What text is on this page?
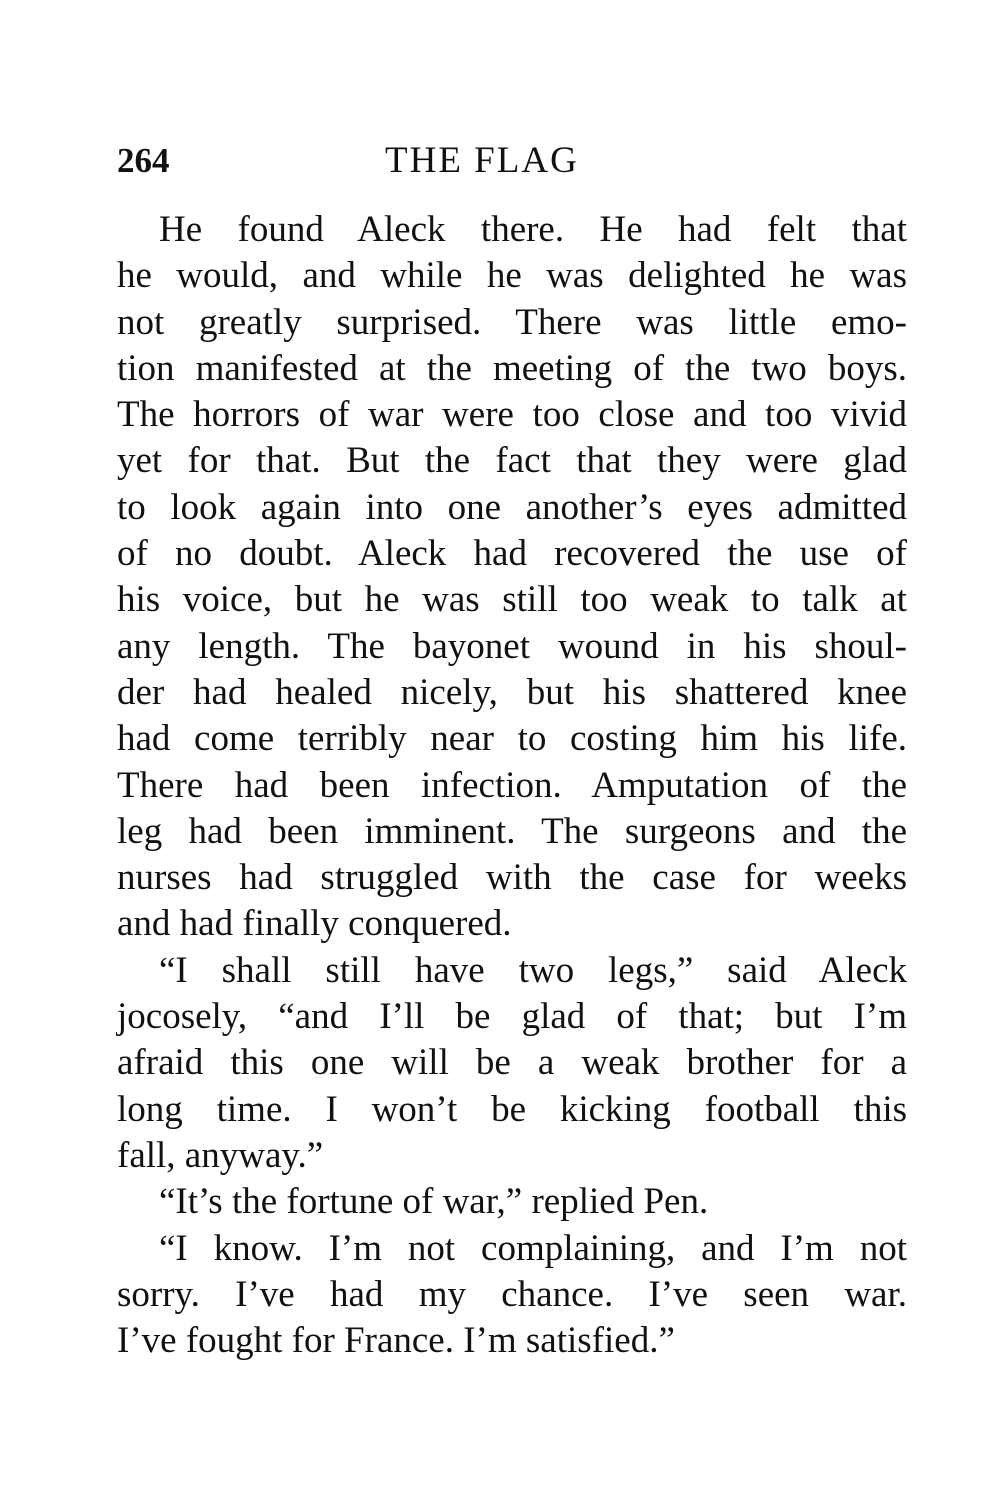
264	THE FLAG
He found Aleck there. He had felt that
he would, and while he was delighted he was
not greatly surprised. There was little emo-
tion manifested at the meeting of the two boys.
The horrors of war were too close and too vivid
yet for that. But the fact that they were glad
to look again into one another’s eyes admitted
of no doubt. Aleck had recovered the use of
his voice, but he was still too weak to talk at
any length. The bayonet wound in his shoul-
der had healed nicely, but his shattered knee
had come terribly near to costing him his life.
There had been infection. Amputation of the
leg had been imminent. The surgeons and the
nurses had struggled with the case for weeks
and had finally conquered.
“I shall still have two legs,” said Aleck
jocosely, “and I’ll be glad of that; but I’m
afraid this one will be a weak brother for a
long time. I won’t be kicking football this
fall, anyway.”
“It’s the fortune of war,” replied Pen.
“I know. I’m not complaining, and I’m not
sorry. I’ve had my chance. I’ve seen war.
I’ve fought for France. I’m satisfied.”
